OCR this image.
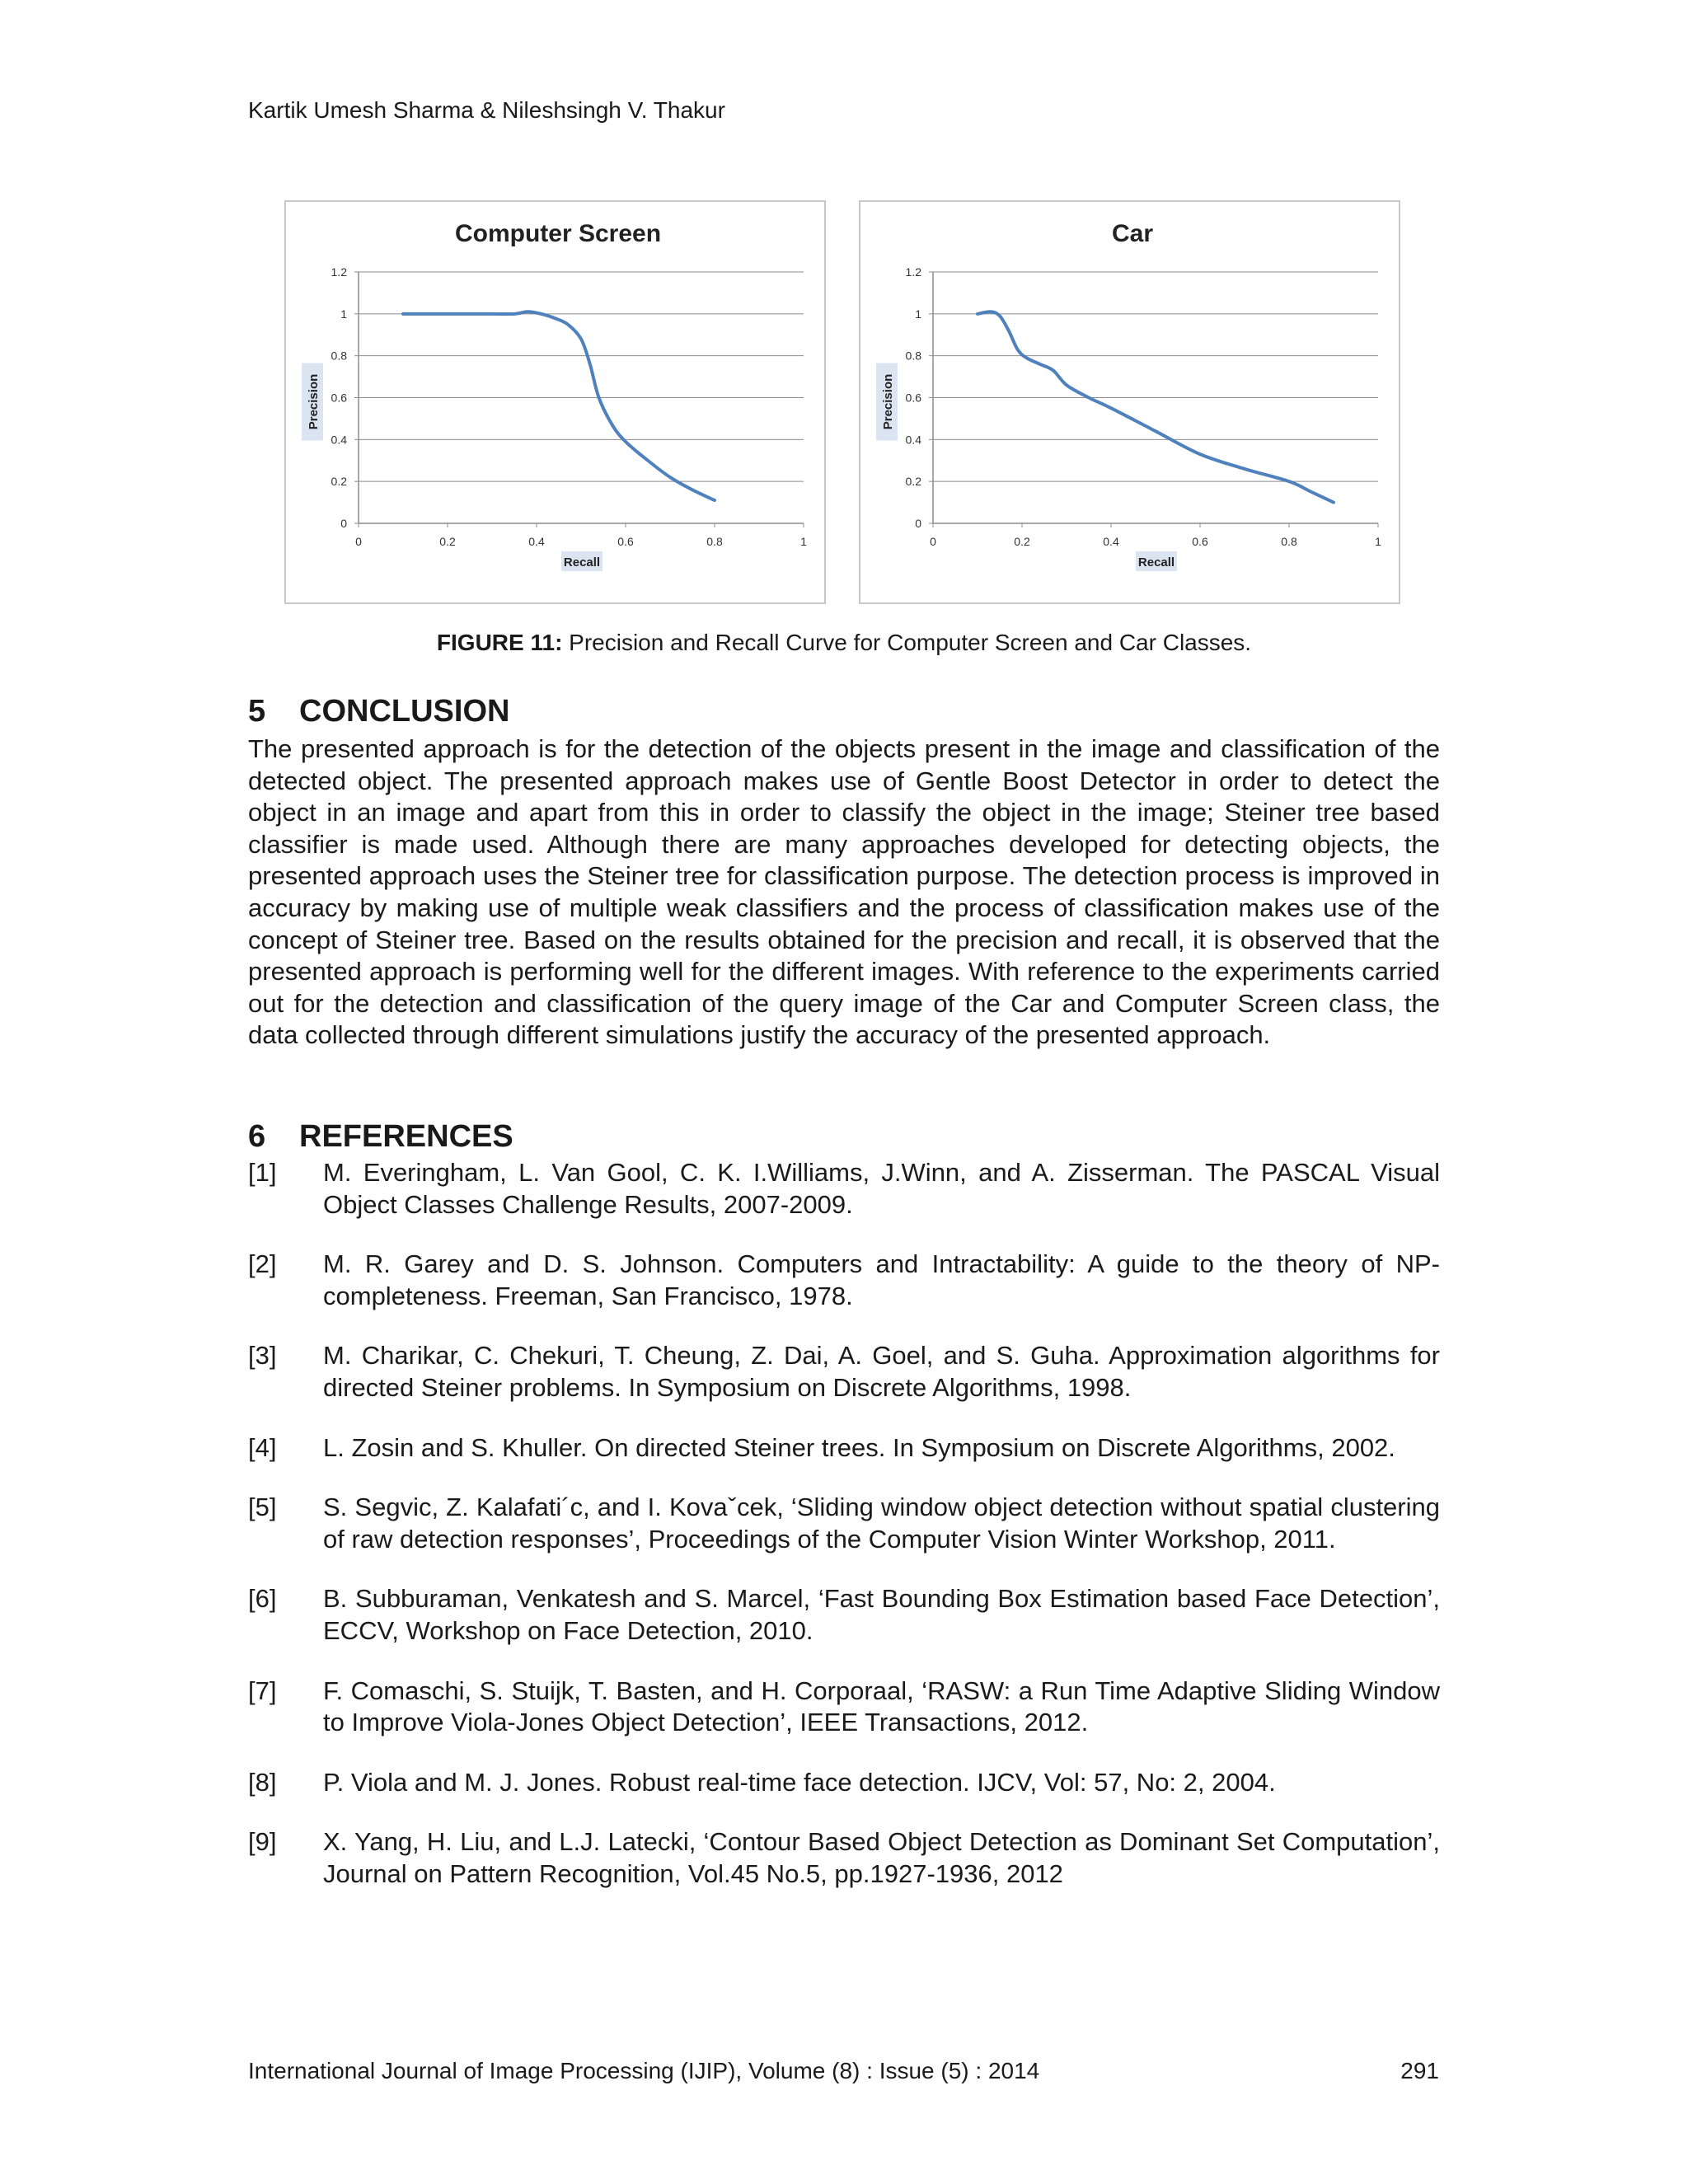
Kartik Umesh Sharma & Nileshsingh V. Thakur
Computer Screen
0
0.2
0.4
0.6
0.8
1
1.2
0	0.2	0.4	0.6	0.8	1
Recall
Precision
Car
0
0.2
0.4
0.6
0.8
1
1.2
0	0.2	0.4	0.6	0.8	1
Recall
Precision
FIGURE 11: Precision and Recall Curve for Computer Screen and Car Classes.
5 CONCLUSION
The presented approach is for the detection of the objects present in the image and classification of the detected object. The presented approach makes use of Gentle Boost Detector in order to detect the object in an image and apart from this in order to classify the object in the image; Steiner tree based classifier is made used. Although there are many approaches developed for detecting objects, the presented approach uses the Steiner tree for classification purpose. The detection process is improved in accuracy by making use of multiple weak classifiers and the process of classification makes use of the concept of Steiner tree. Based on the results obtained for the precision and recall, it is observed that the presented approach is performing well for the different images. With reference to the experiments carried out for the detection and classification of the query image of the Car and Computer Screen class, the data collected through different simulations justify the accuracy of the presented approach.
6 REFERENCES
[1]	M. Everingham, L. Van Gool, C. K. I.Williams, J.Winn, and A. Zisserman. The PASCAL Visual Object Classes Challenge Results, 2007-2009.
[2]	M. R. Garey and D. S. Johnson. Computers and Intractability: A guide to the theory of NP-completeness. Freeman, San Francisco, 1978.
[3]	M. Charikar, C. Chekuri, T. Cheung, Z. Dai, A. Goel, and S. Guha. Approximation algorithms for directed Steiner problems. In Symposium on Discrete Algorithms, 1998.
[4]	L. Zosin and S. Khuller. On directed Steiner trees. In Symposium on Discrete Algorithms, 2002.
[5]	S. Segvic, Z. Kalafati´c, and I. Kovaˇcek, ‘Sliding window object detection without spatial clustering of raw detection responses’, Proceedings of the Computer Vision Winter Workshop, 2011.
[6]	B. Subburaman, Venkatesh and S. Marcel, ‘Fast Bounding Box Estimation based Face Detection’, ECCV, Workshop on Face Detection, 2010.
[7]	F. Comaschi, S. Stuijk, T. Basten, and H. Corporaal, ‘RASW: a Run Time Adaptive Sliding Window to Improve Viola-Jones Object Detection’, IEEE Transactions, 2012.
[8]	P. Viola and M. J. Jones. Robust real-time face detection. IJCV, Vol: 57, No: 2, 2004.
[9]	X. Yang, H. Liu, and L.J. Latecki, ‘Contour Based Object Detection as Dominant Set Computation’, Journal on Pattern Recognition, Vol.45 No.5, pp.1927-1936, 2012
International Journal of Image Processing (IJIP), Volume (8) : Issue (5) : 2014	291
